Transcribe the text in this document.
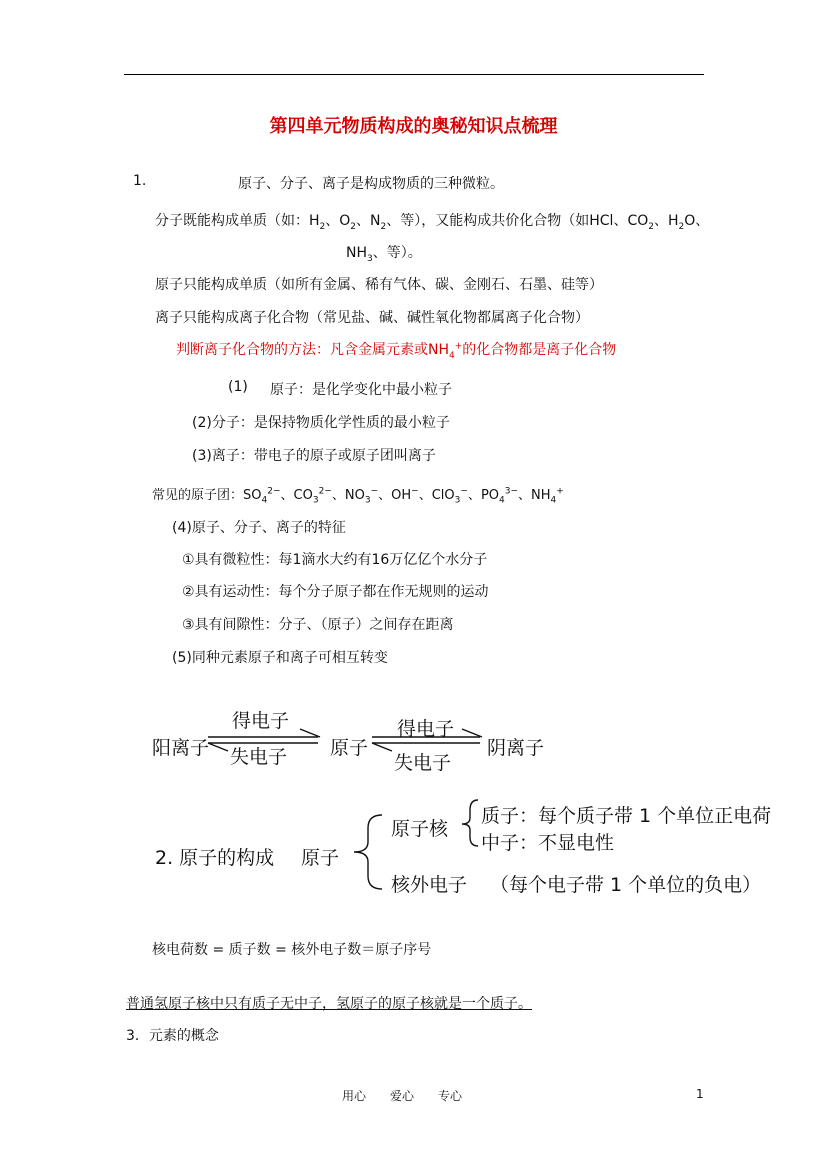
第四单元物质构成的奥秘知识点梳理
1.	原子、分子、离子是构成物质的三种微粒。
分子既能构成单质（如：$H_2$、$O_2$、$N_2$、等），又能构成共价化合物（如HCl、$CO_2$、$H_2O$、
$NH_3$、等）。
原子只能构成单质（如所有金属、稀有气体、碳、金刚石、石墨、硅等）
离子只能构成离子化合物（常见盐、碱、碱性氧化物都属离子化合物）
判断离子化合物的方法：凡含金属元素或$NH_4^+$的化合物都是离子化合物
(1) 原子：是化学变化中最小粒子
(2)分子：是保持物质化学性质的最小粒子
(3)离子：带电子的原子或原子团叫离子
常见的原子团：$SO_4^{2-}$、$CO_3^{2-}$、$NO_3^-$、OH−、ClO$_3$−、$PO_4^{3-}$、$NH_4^+$
(4)原子、分子、离子的特征
①具有微粒性：每1滴水大约有16万亿亿个水分子
②具有运动性：每个分子原子都在作无规则的运动
③具有间隙性：分子、（原子）之间存在距离
(5)同种元素原子和离子可相互转变
阳离子
得电子
失电子 原子
得电子
失电子
阴离子
2. 原子的构成 原子
原子核
核外电子
质子：每个质子带 1 个单位正电荷
中子：不显电性
（每个电子带 1 个单位的负电）
核电荷数 = 质子数 = 核外电子数＝原子序号
普通氢原子核中只有质子无中子，氢原子的原子核就是一个质子。
3．元素的概念
用心　　爱心　　专心	1
